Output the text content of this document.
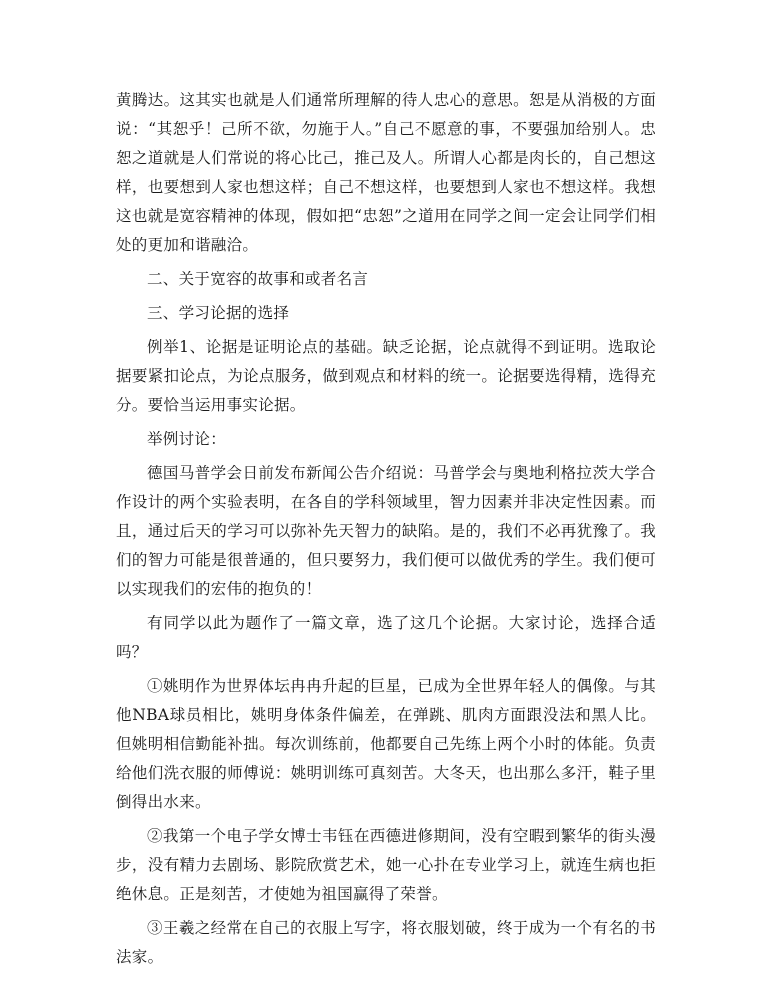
黄腾达。这其实也就是人们通常所理解的待人忠心的意思。恕是从消极的方面说：“其恕乎！己所不欲，勿施于人。”自己不愿意的事，不要强加给别人。忠恕之道就是人们常说的将心比己，推己及人。所谓人心都是肉长的，自己想这样，也要想到人家也想这样；自己不想这样，也要想到人家也不想这样。我想这也就是宽容精神的体现，假如把“忠恕”之道用在同学之间一定会让同学们相处的更加和谐融洽。

二、关于宽容的故事和或者名言

三、学习论据的选择

例举1、论据是证明论点的基础。缺乏论据，论点就得不到证明。选取论据要紧扣论点，为论点服务，做到观点和材料的统一。论据要选得精，选得充分。要恰当运用事实论据。

举例讨论：

德国马普学会日前发布新闻公告介绍说：马普学会与奥地利格拉茨大学合作设计的两个实验表明，在各自的学科领域里，智力因素并非决定性因素。而且，通过后天的学习可以弥补先天智力的缺陷。是的，我们不必再犹豫了。我们的智力可能是很普通的，但只要努力，我们便可以做优秀的学生。我们便可以实现我们的宏伟的抱负的！

有同学以此为题作了一篇文章，选了这几个论据。大家讨论，选择合适吗？

①姚明作为世界体坛冉冉升起的巨星，已成为全世界年轻人的偶像。与其他NBA球员相比，姚明身体条件偏差，在弹跳、肌肉方面跟没法和黑人比。但姚明相信勤能补拙。每次训练前，他都要自己先练上两个小时的体能。负责给他们洗衣服的师傅说：姚明训练可真刻苦。大冬天，也出那么多汗，鞋子里倒得出水来。

②我第一个电子学女博士韦钰在西德进修期间，没有空暇到繁华的街头漫步，没有精力去剧场、影院欣赏艺术，她一心扑在专业学习上，就连生病也拒绝休息。正是刻苦，才使她为祖国赢得了荣誉。

③王羲之经常在自己的衣服上写字，将衣服划破，终于成为一个有名的书法家。
